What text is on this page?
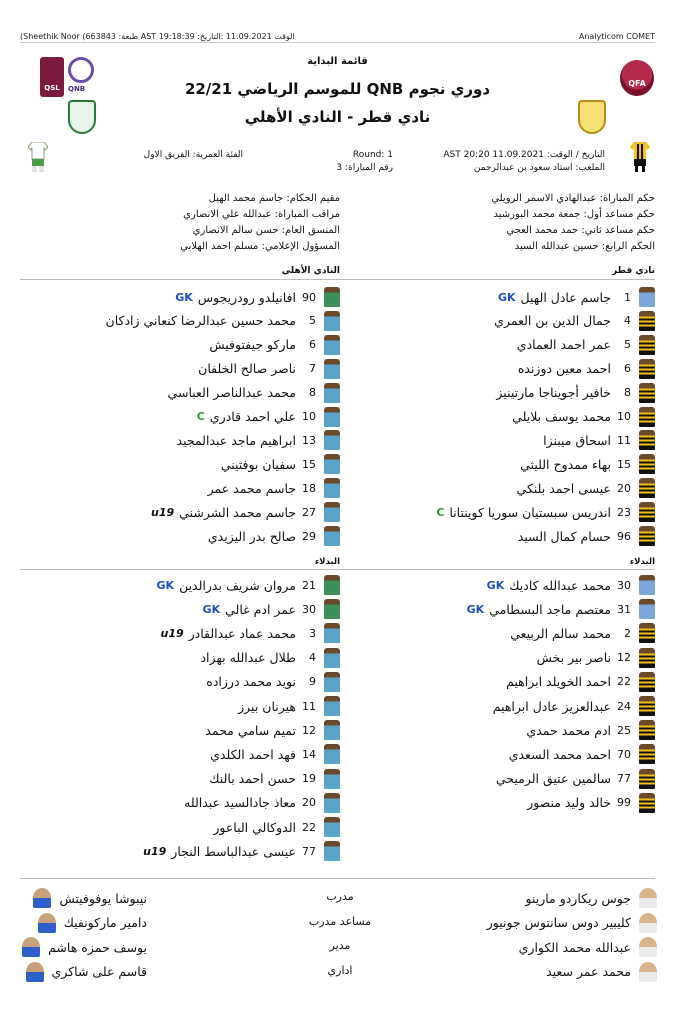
(Sheethik Noor (663843 :طبعة AST 19:18:39 :الوقت 11.09.2021 :التاريخ	Analyticom COMET
قائمة البداية
دوري نجوم QNB للموسم الرياضي 22/21
نادي قطر - النادي الأهلي
QFA
QSL	QNB
التاريخ / الوقت: AST 20:20 11.09.2021
الملعب: استاد سعود بن عبدالرحمن
Round: 1
رقم المباراة: 3
الفئة العمرية: الفريق الاول
حكم المباراة: عبدالهادي الاسمر الرويلي
حكم مساعد أول: جمعة محمد البورشيد
حكم مساعد ثاني: حمد محمد العجي
الحكم الرابع: حسين عبدالله السيد
مقيم الحكام: جاسم محمد الهيل
مراقب المباراة: عبدالله علي الانصاري
المنسق العام: حسن سالم الانصاري
المسؤول الإعلامي: مسلم احمد الهلابي
نادي قطر
النادي الأهلي
البدلاء
البدلاء
1
جاسم عادل الهيل
GK
4
جمال الدين بن العمري
5
عمر احمد العمادي
6
احمد معين دوزنده
8
خافير أجويناجا مارتينيز
10
محمد يوسف بلايلي
11
اسحاق ميبنزا
15
بهاء ممدوح الليثي
20
عيسى احمد بلنكي
23
اندريس سبستيان سوريا كوينتانا
C
96
حسام كمال السيد
90
افانيلدو رودريجوس
GK
5
محمد حسين عبدالرضا كنعاني زادكان
6
ماركو جيفتوفيش
7
ناصر صالح الخلفان
8
محمد عبدالناصر العباسي
10
علي احمد قادري
C
13
ابراهيم ماجد عبدالمجيد
15
سفيان بوفتيني
18
جاسم محمد عمر
27
جاسم محمد الشرشني
u19
29
صالح بدر اليزيدي
30
محمد عبدالله كاديك
GK
31
معتصم ماجد البسطامي
GK
2
محمد سالم الربيعي
12
ناصر بير بخش
22
احمد الخويلد ابراهيم
24
عبدالعزيز عادل ابراهيم
25
ادم محمد حمدي
70
احمد محمد السعدي
77
سالمين عتيق الرميحي
99
خالد وليد منصور
21
مروان شريف بدرالدين
GK
30
عمر ادم غالي
GK
3
محمد عماد عبدالقادر
u19
4
طلال عبدالله بهزاد
9
نويد محمد درزاده
11
هيرنان بيرز
12
تميم سامي محمد
14
فهد احمد الكلدي
19
حسن احمد بالنك
20
معاذ جادالسيد عبدالله
22
الدوكالي الباعور
77
عيسى عبدالباسط النجار
u19
جوس ريكاردو مارينو
مدرب
نيبوشا يوفوفيتش
كليبير دوس سانتوس جونيور
مساعد مدرب
دامير ماركونفيك
عبدالله محمد الكواري
مدير
يوسف حمزه هاشم
محمد عمر سعيد
اداري
قاسم على شاكري
